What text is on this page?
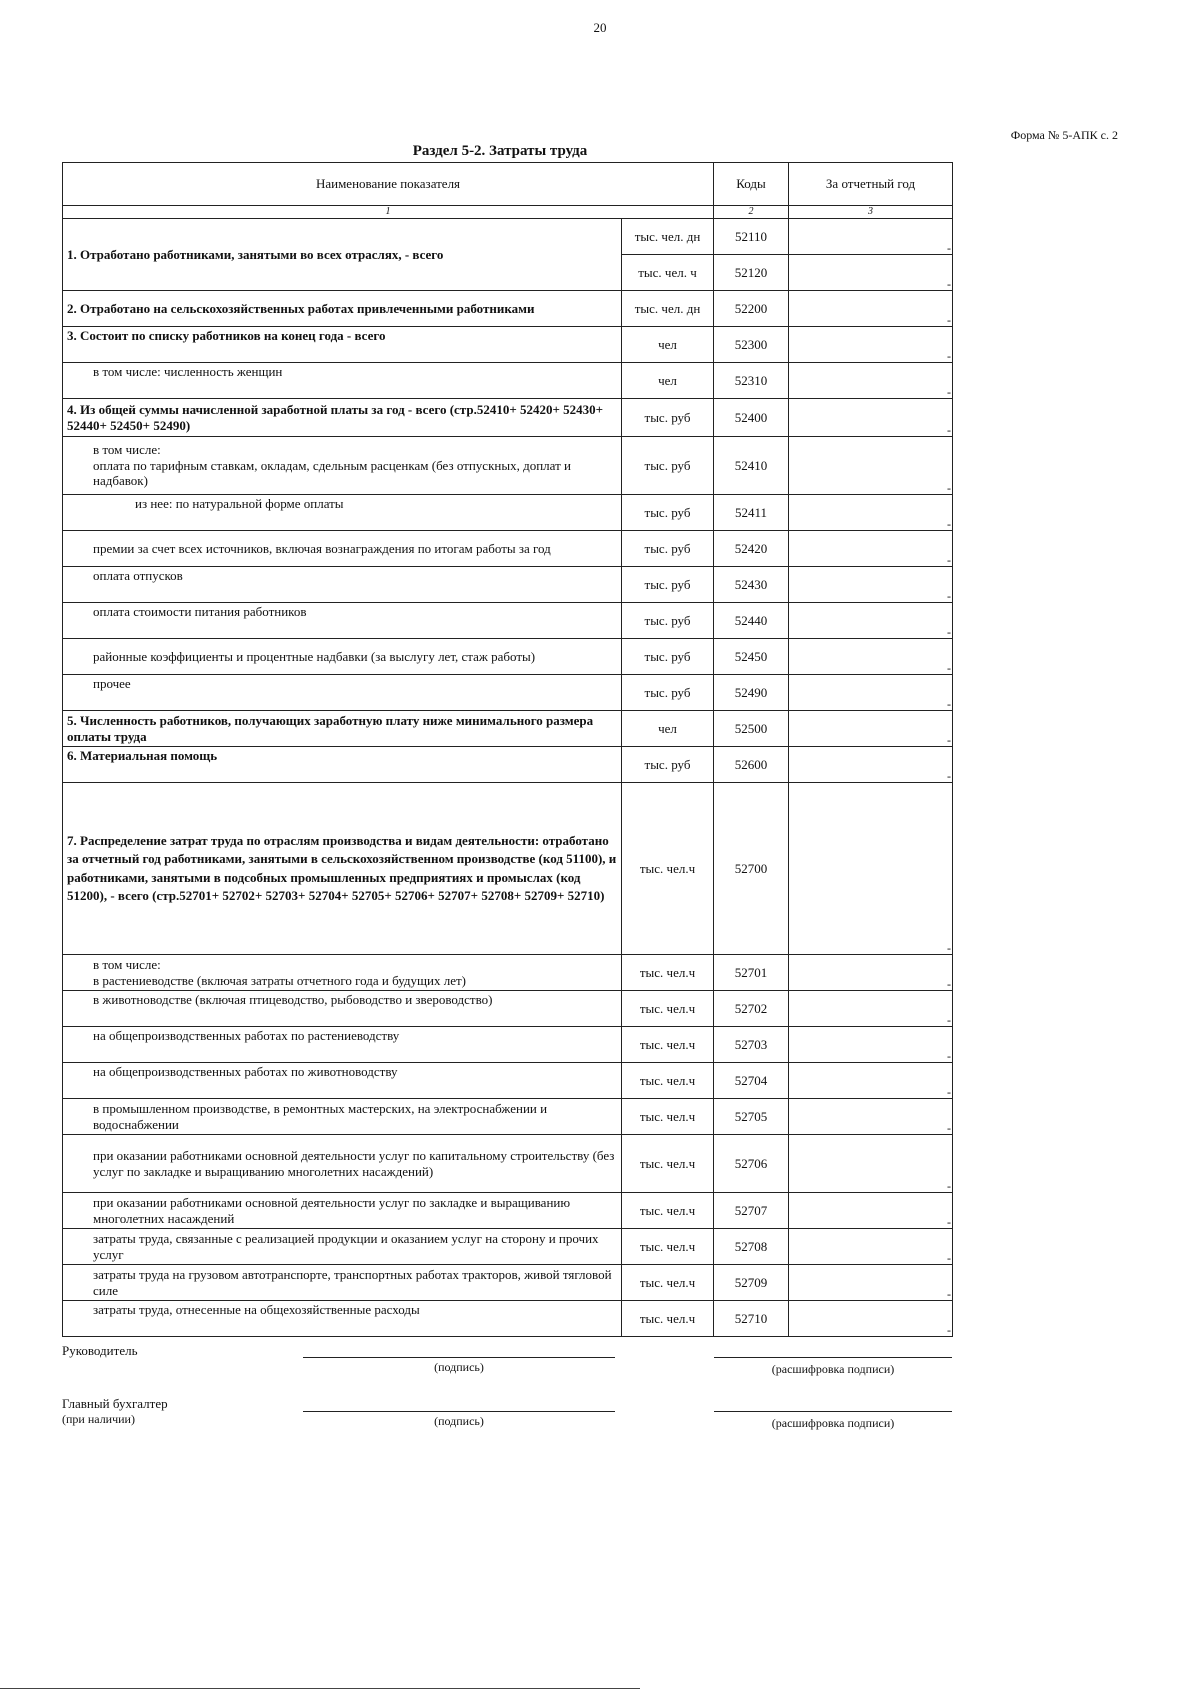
20
Форма № 5-АПК с. 2
Раздел 5-2. Затраты труда
Наименование показателя		Коды	За отчетный год
1		2	3
1. Отработано работниками, занятыми во всех отраслях, - всего	тыс. чел. дн	52110	-
	тыс. чел. ч	52120	-
2. Отработано на сельскохозяйственных работах привлеченными работниками	тыс. чел. дн	52200	-
3. Состоит по списку работников на конец года - всего	чел	52300	-
в том числе: численность женщин	чел	52310	-
4. Из общей суммы начисленной заработной платы за год - всего (стр.52410+ 52420+ 52430+ 52440+ 52450+ 52490)	тыс. руб	52400	-

в том числе:
оплата по тарифным ставкам, окладам, сдельным расценкам (без отпускных, доплат и надбавок)	тыс. руб	52410	-
из нее: по натуральной форме оплаты	тыс. руб	52411	-
премии за счет всех источников, включая вознаграждения по итогам работы за год	тыс. руб	52420	-
оплата отпусков	тыс. руб	52430	-
оплата стоимости питания работников	тыс. руб	52440	-
районные коэффициенты и процентные надбавки (за выслугу лет, стаж работы)	тыс. руб	52450	-
прочее	тыс. руб	52490	-
5. Численность работников, получающих заработную плату ниже минимального размера оплаты труда	чел	52500	-
6. Материальная помощь	тыс. руб	52600	-
7. Распределение затрат труда по отраслям производства и видам деятельности: отработано за отчетный год работниками, занятыми в сельскохозяйственном производстве (код 51100), и работниками, занятыми в подсобных промышленных предприятиях и промыслах (код 51200), - всего (стр.52701+ 52702+ 52703+ 52704+ 52705+ 52706+ 52707+ 52708+ 52709+ 52710)	тыс. чел.ч	52700	-

в том числе:
в растениеводстве (включая затраты отчетного года и будущих лет)	тыс. чел.ч	52701	-
в животноводстве (включая птицеводство, рыбоводство и звероводство)	тыс. чел.ч	52702	-
на общепроизводственных работах по растениеводству	тыс. чел.ч	52703	-
на общепроизводственных работах по животноводству	тыс. чел.ч	52704	-
в промышленном производстве, в ремонтных мастерских, на электроснабжении и водоснабжении	тыс. чел.ч	52705	-
при оказании работниками основной деятельности услуг по капитальному строительству (без услуг по закладке и выращиванию многолетних насаждений)	тыс. чел.ч	52706	-
при оказании работниками основной деятельности услуг по закладке и выращиванию многолетних насаждений	тыс. чел.ч	52707	-
затраты труда, связанные с реализацией продукции и оказанием услуг на сторону и прочих услуг	тыс. чел.ч	52708	-
затраты труда на грузовом автотранспорте, транспортных работах тракторов, живой тягловой силе	тыс. чел.ч	52709	-
затраты труда, отнесенные на общехозяйственные расходы	тыс. чел.ч	52710	-
Руководитель
(подпись)	(расшифровка подписи)
Главный бухгалтер
(при наличии)	(подпись)	(расшифровка подписи)
